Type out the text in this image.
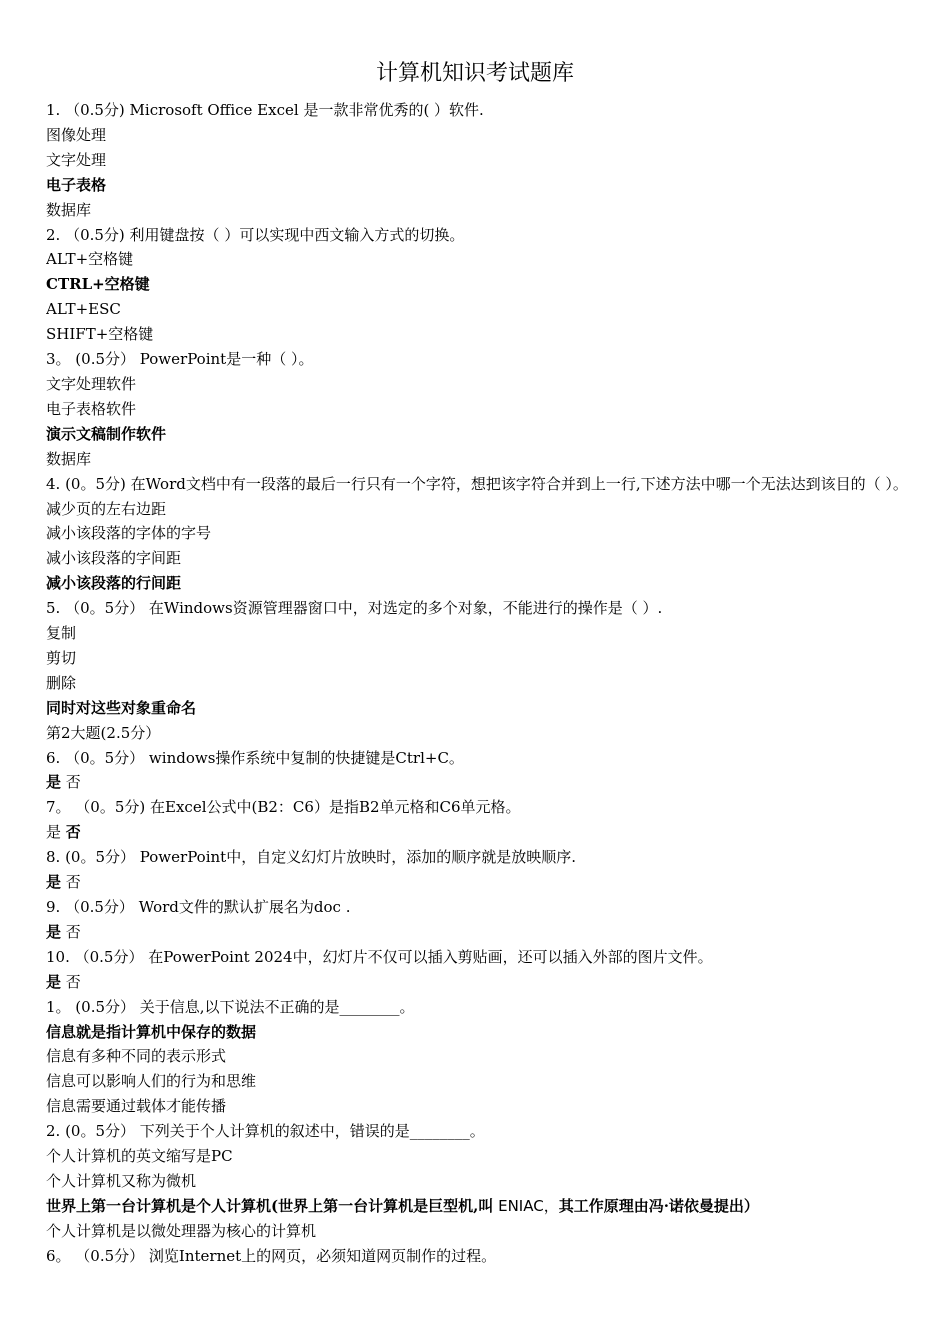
计算机知识考试题库
1. （0.5分) Microsoft Office Excel 是一款非常优秀的( ）软件.
图像处理
文字处理
电子表格
数据库
2. （0.5分) 利用键盘按（ ）可以实现中西文输入方式的切换。
ALT+空格键
CTRL+空格键
ALT+ESC
SHIFT+空格键
3。 (0.5分） PowerPoint是一种（ ）。
文字处理软件
电子表格软件
演示文稿制作软件
数据库
4. (0。5分) 在Word文档中有一段落的最后一行只有一个字符，想把该字符合并到上一行,下述方法中哪一个无法达到该目的（ ）。
减少页的左右边距
减小该段落的字体的字号
减小该段落的字间距
减小该段落的行间距
5. （0。5分） 在Windows资源管理器窗口中，对选定的多个对象，不能进行的操作是（ ）.
复制
剪切
删除
同时对这些对象重命名
第2大题(2.5分）
6. （0。5分） windows操作系统中复制的快捷键是Ctrl+C。
是 否
7。 （0。5分) 在Excel公式中(B2：C6）是指B2单元格和C6单元格。
是 否
8. (0。5分） PowerPoint中，自定义幻灯片放映时，添加的顺序就是放映顺序.
是 否
9. （0.5分） Word文件的默认扩展名为doc .
是 否
10. （0.5分） 在PowerPoint 2024中，幻灯片不仅可以插入剪贴画，还可以插入外部的图片文件。
是 否
1。 (0.5分） 关于信息,以下说法不正确的是________。
信息就是指计算机中保存的数据
信息有多种不同的表示形式
信息可以影响人们的行为和思维
信息需要通过载体才能传播
2. (0。5分） 下列关于个人计算机的叙述中，错误的是________。
个人计算机的英文缩写是PC
个人计算机又称为微机
世界上第一台计算机是个人计算机(世界上第一台计算机是巨型机,叫 ENIAC，其工作原理由冯·诺依曼提出）
个人计算机是以微处理器为核心的计算机
6。 （0.5分） 浏览Internet上的网页，必须知道网页制作的过程。
